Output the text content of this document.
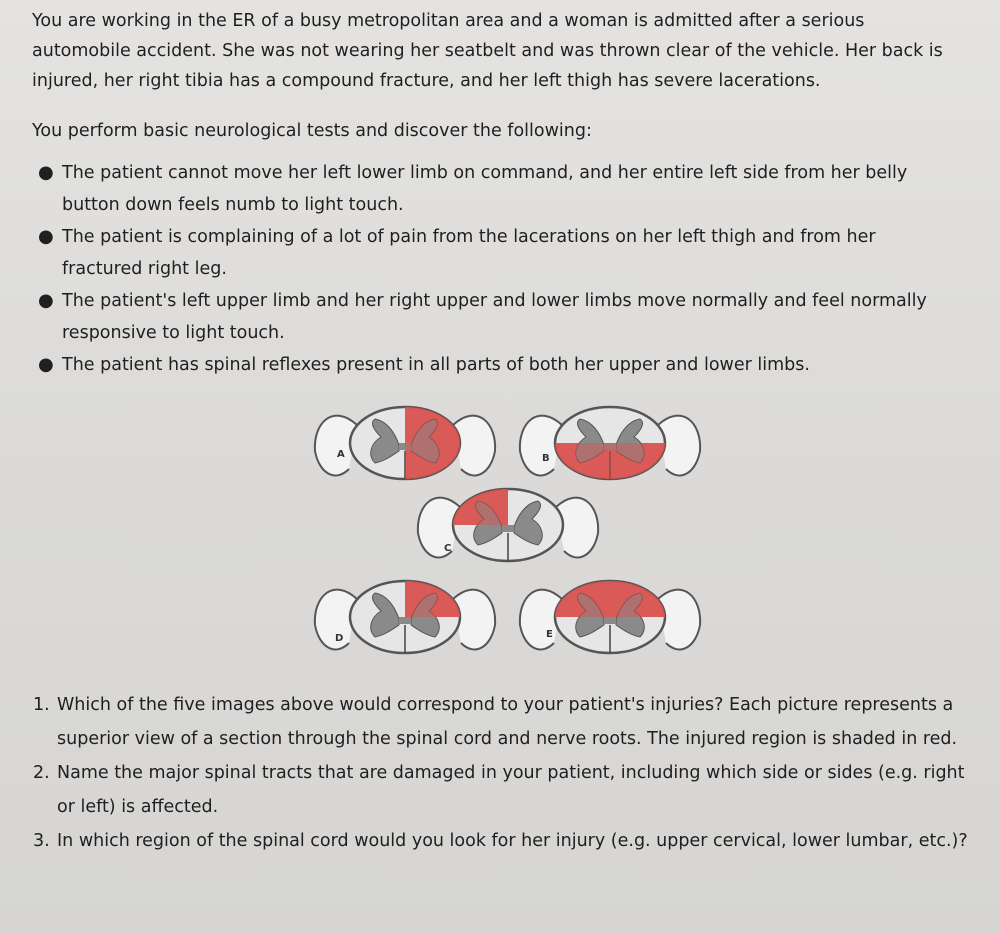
You are working in the ER of a busy metropolitan area and a woman is admitted after a serious automobile accident. She was not wearing her seatbelt and was thrown clear of the vehicle. Her back is injured, her right tibia has a compound fracture, and her left thigh has severe lacerations.

You perform basic neurological tests and discover the following:

● The patient cannot move her left lower limb on command, and her entire left side from her belly button down feels numb to light touch.
● The patient is complaining of a lot of pain from the lacerations on her left thigh and from her fractured right leg.
● The patient's left upper limb and her right upper and lower limbs move normally and feel normally responsive to light touch.
● The patient has spinal reflexes present in all parts of both her upper and lower limbs.
A	B
C
D	E
1. Which of the five images above would correspond to your patient's injuries? Each picture represents a superior view of a section through the spinal cord and nerve roots. The injured region is shaded in red.
2. Name the major spinal tracts that are damaged in your patient, including which side or sides (e.g. right or left) is affected.
3. In which region of the spinal cord would you look for her injury (e.g. upper cervical, lower lumbar, etc.)?
